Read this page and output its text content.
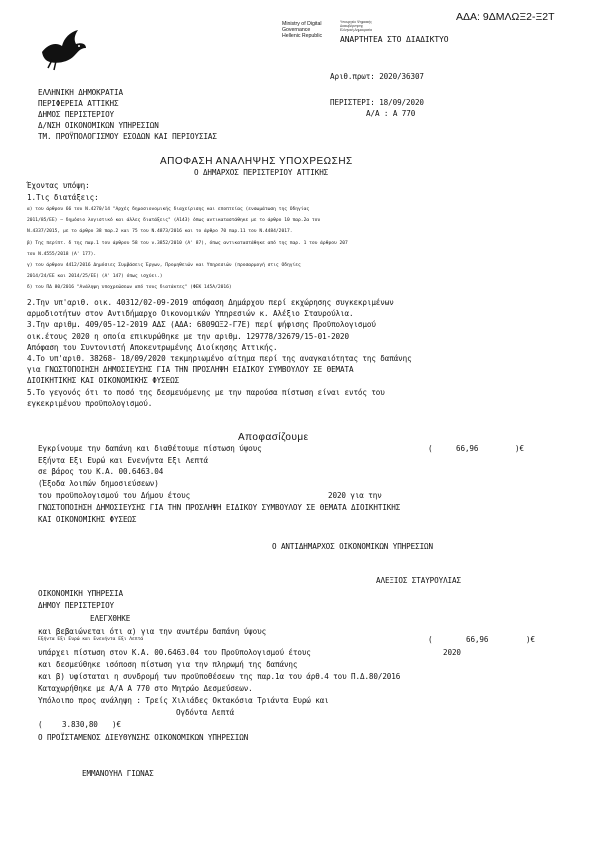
ΑΔΑ: 9ΔΜΛΩΞ2-Ξ2Τ
Ministry of Digital
Governance
Hellenic Republic
Υπουργείο Ψηφιακής
Διακυβέρνησης
Ελληνική Δημοκρατία
ΑΝΑΡΤΗΤΕΑ ΣΤΟ ΔΙΑΔΙΚΤΥΟ
ΕΛΛΗΝΙΚΗ ΔΗΜΟΚΡΑΤΙΑ
ΠΕΡΙΦΕΡΕΙΑ ΑΤΤΙΚΗΣ
ΔΗΜΟΣ ΠΕΡΙΣΤΕΡΙΟΥ
Δ/ΝΣΗ ΟΙΚΟΝΟΜΙΚΩΝ ΥΠΗΡΕΣΙΩΝ
ΤΜ. ΠΡΟΫΠΟΛΟΓΙΣΜΟΥ ΕΣΟΔΩΝ ΚΑΙ ΠΕΡΙΟΥΣΙΑΣ
Αριθ.πρωτ: 2020/36307
ΠΕΡΙΣΤΕΡΙ: 18/09/2020
Α/Α : Α 770
ΑΠΟΦΑΣΗ ΑΝΑΛΗΨΗΣ ΥΠΟΧΡΕΩΣΗΣ
Ο ΔΗΜΑΡΧΟΣ ΠΕΡΙΣΤΕΡΙΟΥ ΑΤΤΙΚΗΣ
Έχοντας υπόψη:
1.Τις διατάξεις:
α) του άρθρου 66 του Ν.4270/14 "Αρχές δημοσιονομικής διαχείρισης και εποπτείας (ενσωμάτωση της Οδηγίας
2011/85/ΕΕ) – δημόσιο λογιστικό και άλλες διατάξεις" (Α143) όπως αντικαταστάθηκε με το άρθρο 10 παρ.2α του
Ν.4337/2015, με το άρθρο 38 παρ.2 και 75 του Ν.4873/2016 και το άρθρο 70 παρ.11 του Ν.4484/2017.
β) Της περίπτ. δ της παρ.1 του άρθρου 58 του ν.3852/2010 (Α' 87), όπως αντικαταστάθηκε από της παρ. 1 του άρθρου 207
του Ν.4555/2018 (Α' 177).
γ) του άρθρου 4412/2016 Δημόσιες Συμβάσεις Έργων, Προμηθειών και Υπηρεσιών (προσαρμογή στις Οδηγίες
2014/24/ΕΕ και 2014/25/ΕΕ) (Α' 147) όπως ισχύει.)
δ) του ΠΔ 80/2016 "Ανάληψη υποχρεώσεων από τους διατάκτες" (ΦΕΚ 145Α/2016)
2.Την υπ'αριθ. οικ. 40312/02-09-2019 απόφαση Δημάρχου περί εκχώρησης συγκεκριμένων
αρμοδιοτήτων στον Αντιδήμαρχο Οικονομικών Υπηρεσιών κ. Αλέξιο Σταυρούλια.
3.Την αριθμ. 409/05-12-2019 ΑΔΣ (ΑΔΑ: 6809ΩΞ2-Γ7Ε) περί ψήφισης Προϋπολογισμού
οικ.έτους 2020 η οποία επικυρώθηκε με την αριθμ. 129778/32679/15-01-2020
Απόφαση του Συντονιστή Αποκεντρωμένης Διοίκησης Αττικής.
4.Το υπ'αριθ. 38268- 18/09/2020 τεκμηριωμένο αίτημα περί της αναγκαιότητας της δαπάνης
για ΓΝΩΣΤΟΠΟΙΗΣΗ ΔΗΜΟΣΙΕΥΣΗΣ ΓΙΑ ΤΗΝ ΠΡΟΣΛΗΨΗ ΕΙΔΙΚΟΥ ΣΥΜΒΟΥΛΟΥ ΣΕ ΘΕΜΑΤΑ
ΔΙΟΙΚΗΤΙΚΗΣ ΚΑΙ ΟΙΚΟΝΟΜΙΚΗΣ ΦΥΣΕΩΣ
5.Το γεγονός ότι το ποσό της δεσμευόμενης με την παρούσα πίστωση είναι εντός του
εγκεκριμένου προϋπολογισμού.
Αποφασίζουμε
Εγκρίνουμε την δαπάνη και διαθέτουμε πίστωση ύψους	(	66,96	)€
Εξήντα Εξι Ευρώ και Ενενήντα Εξι Λεπτά
σε βάρος του Κ.Α. 00.6463.04
(Έξοδα λοιπών δημοσιεύσεων)
του προϋπολογισμού του Δήμου έτους	2020 για την
ΓΝΩΣΤΟΠΟΙΗΣΗ ΔΗΜΟΣΙΕΥΣΗΣ ΓΙΑ ΤΗΝ ΠΡΟΣΛΗΨΗ ΕΙΔΙΚΟΥ ΣΥΜΒΟΥΛΟΥ ΣΕ ΘΕΜΑΤΑ ΔΙΟΙΚΗΤΙΚΗΣ
ΚΑΙ ΟΙΚΟΝΟΜΙΚΗΣ ΦΥΣΕΩΣ
Ο ΑΝΤΙΔΗΜΑΡΧΟΣ ΟΙΚΟΝΟΜΙΚΩΝ ΥΠΗΡΕΣΙΩΝ
ΑΛΕΞΙΟΣ ΣΤΑΥΡΟΥΛΙΑΣ
ΟΙΚΟΝΟΜΙΚΗ ΥΠΗΡΕΣΙΑ
ΔΗΜΟΥ ΠΕΡΙΣΤΕΡΙΟΥ
ΕΛΕΓΧΘΗΚΕ
και βεβαιώνεται ότι α) για την ανωτέρω δαπάνη ύψους
Εξήντα Εξι Ευρώ και Ενενήντα Εξι Λεπτά	(	66,96	)€
υπάρχει πίστωση στον Κ.Α. 00.6463.04 του Προϋπολογισμού έτους	2020
και δεσμεύθηκε ισόποση πίστωση για την πληρωμή της δαπάνης
και β) υφίσταται η συνδρομή των προϋποθέσεων της παρ.1α του άρθ.4 του Π.Δ.80/2016
Καταχωρήθηκε με Α/Α Α 770 στο Μητρώο Δεσμεύσεων.
Υπόλοιπο προς ανάληψη : Τρείς Χιλιάδες Οκτακόσια Τριάντα Ευρώ και
Ογδόντα Λεπτά
(	3.830,80 )€
Ο ΠΡΟΪΣΤΑΜΕΝΟΣ ΔΙΕΥΘΥΝΣΗΣ ΟΙΚΟΝΟΜΙΚΩΝ ΥΠΗΡΕΣΙΩΝ
ΕΜΜΑΝΟΥΗΛ ΓΙΩΝΑΣ
